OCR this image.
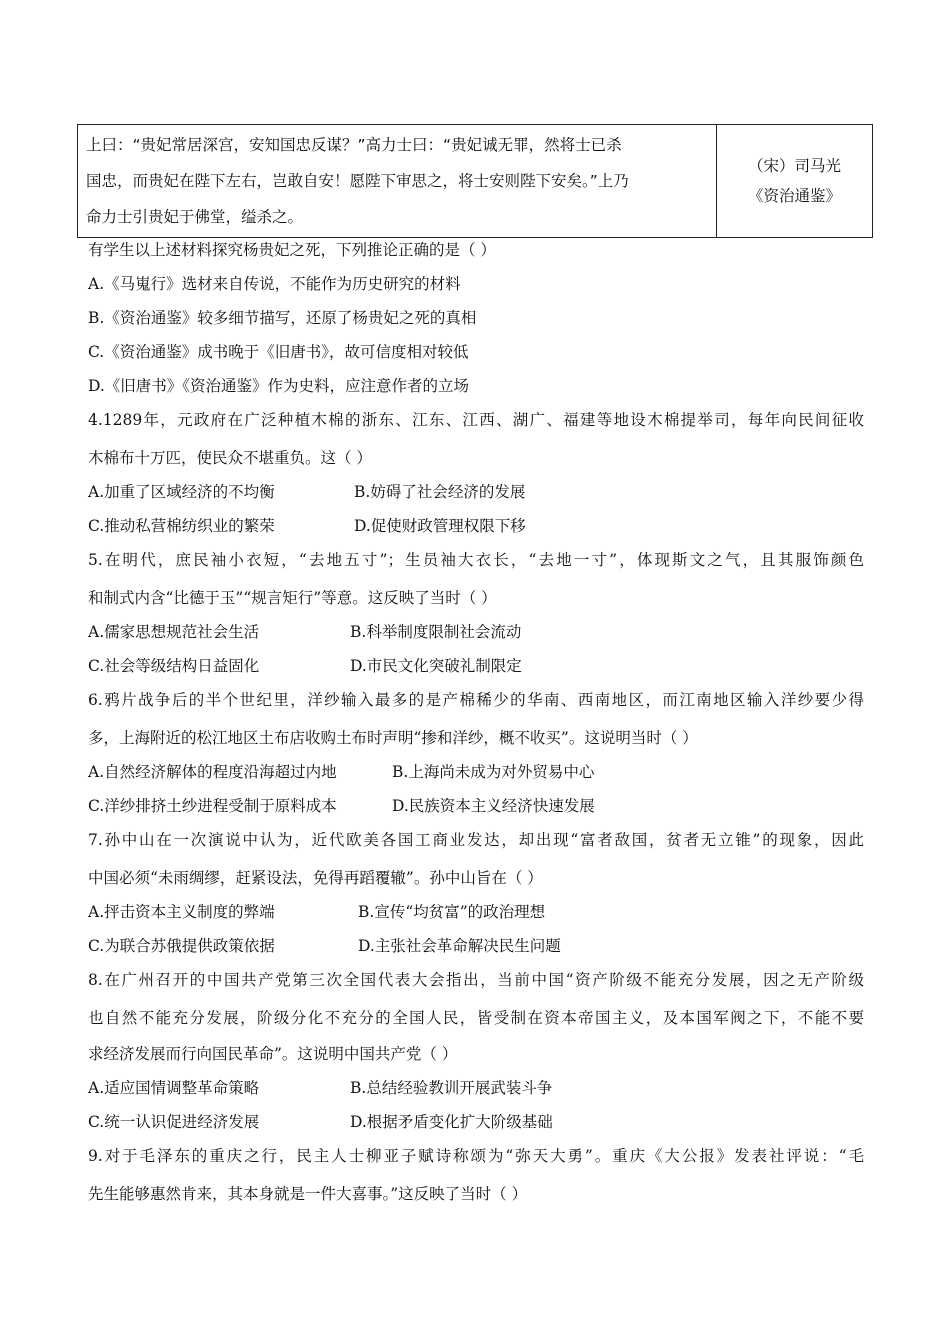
上曰：“贵妃常居深宫，安知国忠反谋？”高力士曰：“贵妃诚无罪，然将士已杀
国忠，而贵妃在陛下左右，岂敢自安！愿陛下审思之，将士安则陛下安矣。”上乃
命力士引贵妃于佛堂，缢杀之。

（宋）司马光
《资治通鉴》
有学生以上述材料探究杨贵妃之死，下列推论正确的是（ ）
A.《马嵬行》选材来自传说，不能作为历史研究的材料
B.《资治通鉴》较多细节描写，还原了杨贵妃之死的真相
C.《资治通鉴》成书晚于《旧唐书》，故可信度相对较低
D.《旧唐书》《资治通鉴》作为史料，应注意作者的立场
4.1289年，元政府在广泛种植木棉的浙东、江东、江西、湖广、福建等地设木棉提举司，每年向民间征收
木棉布十万匹，使民众不堪重负。这（ ）
A.加重了区域经济的不均衡	B.妨碍了社会经济的发展
C.推动私营棉纺织业的繁荣	D.促使财政管理权限下移
5.在明代，庶民袖小衣短，“去地五寸”；生员袖大衣长，“去地一寸”，体现斯文之气，且其服饰颜色
和制式内含“比德于玉”“规言矩行”等意。这反映了当时（ ）
A.儒家思想规范社会生活	B.科举制度限制社会流动
C.社会等级结构日益固化	D.市民文化突破礼制限定
6.鸦片战争后的半个世纪里，洋纱输入最多的是产棉稀少的华南、西南地区，而江南地区输入洋纱要少得
多，上海附近的松江地区土布店收购土布时声明“掺和洋纱，概不收买”。这说明当时（ ）
A.自然经济解体的程度沿海超过内地	B.上海尚未成为对外贸易中心
C.洋纱排挤土纱进程受制于原料成本	D.民族资本主义经济快速发展
7.孙中山在一次演说中认为，近代欧美各国工商业发达，却出现“富者敌国，贫者无立锥”的现象，因此
中国必须“未雨绸缪，赶紧设法，免得再蹈覆辙”。孙中山旨在（ ）
A.抨击资本主义制度的弊端	B.宣传“均贫富”的政治理想
C.为联合苏俄提供政策依据	D.主张社会革命解决民生问题
8.在广州召开的中国共产党第三次全国代表大会指出，当前中国“资产阶级不能充分发展，因之无产阶级
也自然不能充分发展，阶级分化不充分的全国人民，皆受制在资本帝国主义，及本国军阀之下，不能不要
求经济发展而行向国民革命”。这说明中国共产党（ ）
A.适应国情调整革命策略	B.总结经验教训开展武装斗争
C.统一认识促进经济发展	D.根据矛盾变化扩大阶级基础
9.对于毛泽东的重庆之行，民主人士柳亚子赋诗称颂为“弥天大勇”。重庆《大公报》发表社评说：“毛
先生能够惠然肯来，其本身就是一件大喜事。”这反映了当时（ ）
